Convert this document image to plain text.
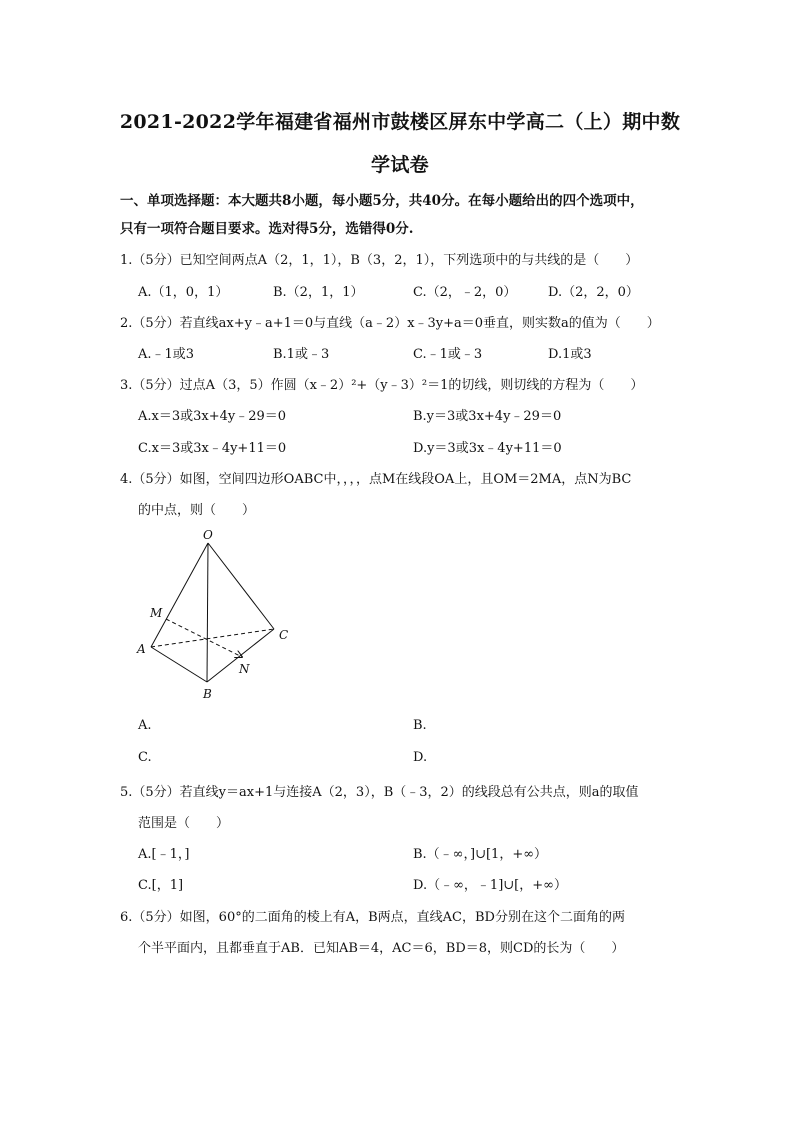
2021-2022学年福建省福州市鼓楼区屏东中学高二（上）期中数
学试卷
一、单项选择题：本大题共8小题，每小题5分，共40分。在每小题给出的四个选项中，
只有一项符合题目要求。选对得5分，选错得0分.
1.（5分）已知空间两点A（2，1，1），B（3，2，1），下列选项中的与共线的是（　　）
A.（1，0，1）	B.（2，1，1）	C.（2，﹣2，0） D.（2，2，0）
2.（5分）若直线ax+y﹣a+1＝0与直线（a﹣2）x﹣3y+a＝0垂直，则实数a的值为（　　）
A.﹣1或3	B.1或﹣3	C.﹣1或﹣3	D.1或3
3.（5分）过点A（3，5）作圆（x﹣2）²+（y﹣3）²＝1的切线，则切线的方程为（　　）
A.x＝3或3x+4y﹣29＝0	B.y＝3或3x+4y﹣29＝0
C.x＝3或3x﹣4y+11＝0	D.y＝3或3x﹣4y+11＝0
4.（5分）如图，空间四边形OABC中，，，，点M在线段OA上，且OM＝2MA，点N为BC
的中点，则（　　）
O
M
A
C
N
B
A.	B.
C.	D.
5.（5分）若直线y＝ax+1与连接A（2，3），B（﹣3，2）的线段总有公共点，则a的取值
范围是（　　）
A.[﹣1，]	B.（﹣∞，]∪[1，+∞）
C.[，1]	D.（﹣∞，﹣1]∪[，+∞）
6.（5分）如图，60°的二面角的棱上有A，B两点，直线AC，BD分别在这个二面角的两
个半平面内，且都垂直于AB．已知AB＝4，AC＝6，BD＝8，则CD的长为（　　）
